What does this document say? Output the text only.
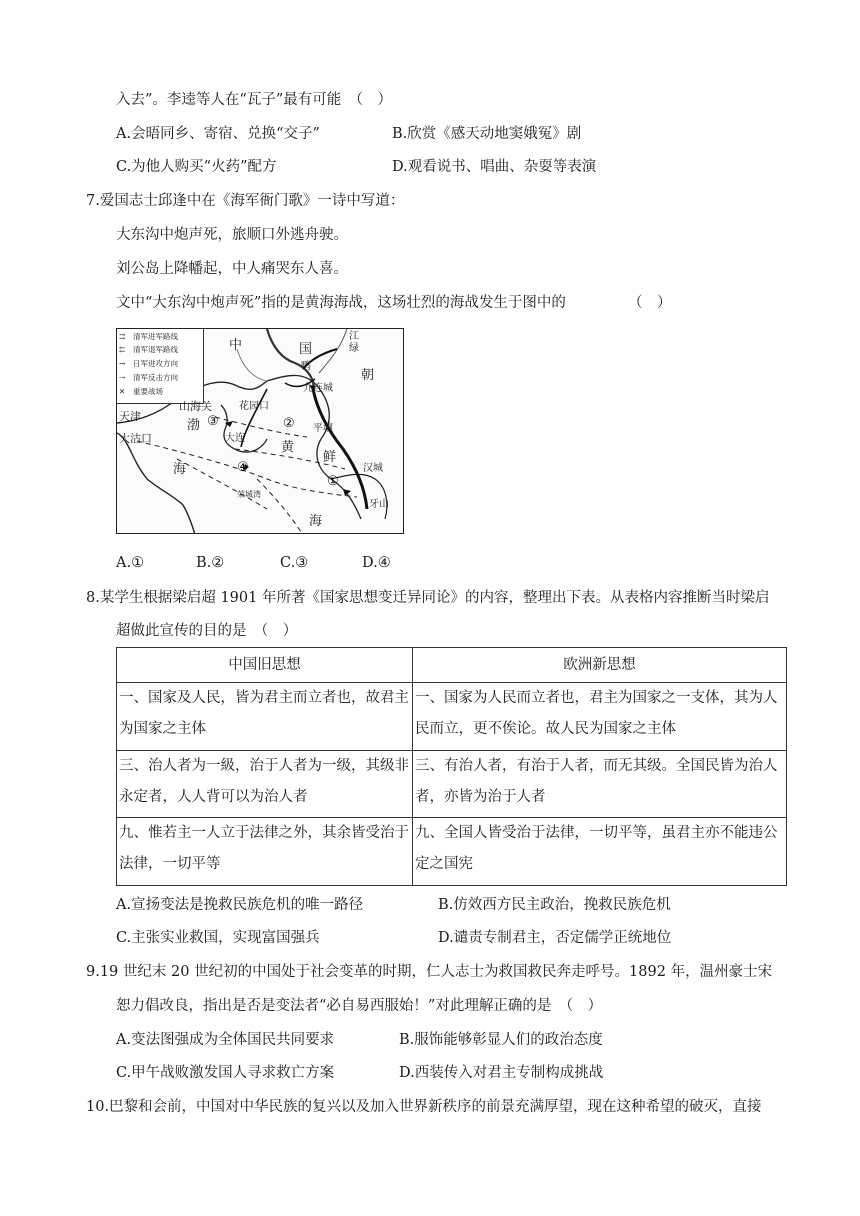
入去”。李逵等人在“瓦子”最有可能　（　）
A.会晤同乡、寄宿、兑换“交子”	B.欣赏《感天动地窦娥冤》剧
C.为他人购买“火药”配方	D.观看说书、唱曲、杂耍等表演
7.爱国志士邱逢中在《海军衙门歌》一诗中写道：
大东沟中炮声死，旅顺口外逃舟驶。
刘公岛上降幡起，中人痛哭东人喜。
文中“大东沟中炮声死”指的是黄海海战，这场壮烈的海战发生于图中的	（　）
⇉ 清军进军路线
⇇ 清军退军路线
→ 日军进攻方向
⇢ 清军反击方向
✕ 重要战场
中	国
江
绿
鸭
朝
九连城
山海关	花园口
渤
天津
大沽口	大连
平壤
黄
鲜
海
海
汉城
荣城湾
牙山
①
②
③
④
A.①	B.②	C.③	D.④
8.某学生根据梁启超 1901 年所著《国家思想变迁异同论》的内容，整理出下表。从表格内容推断当时梁启
超做此宣传的目的是　（　）
中国旧思想	欧洲新思想
一、国家及人民，皆为君主而立者也，故君主为国家之主体	一、国家为人民而立者也，君主为国家之一支体，其为人民而立，更不俟论。故人民为国家之主体
三、治人者为一級，治于人者为一级，其级非永定者，人人背可以为治人者	三、有治人者，有治于人者，而无其级。全国民皆为治人者，亦皆为治于人者
九、惟若主一人立于法律之外，其余皆受治于法律，一切平等	九、全国人皆受治于法律，一切平等，虽君主亦不能违公定之国宪
A.宣扬变法是挽救民族危机的唯一路径	B.仿效西方民主政治，挽救民族危机
C.主张实业救国，实现富国强兵	D.谴责专制君主，否定儒学正统地位
9.19 世纪末 20 世纪初的中国处于社会变革的时期，仁人志士为救国救民奔走呼号。1892 年，温州豪士宋
恕力倡改良，指出是否是变法者“必自易西服始！”对此理解正确的是　（　）
A.变法图强成为全体国民共同要求	B.服饰能够彰显人们的政治态度
C.甲午战败激发国人寻求救亡方案	D.西装传入对君主专制构成挑战
10.巴黎和会前，中国对中华民族的复兴以及加入世界新秩序的前景充满厚望，现在这种希望的破灭，直接
